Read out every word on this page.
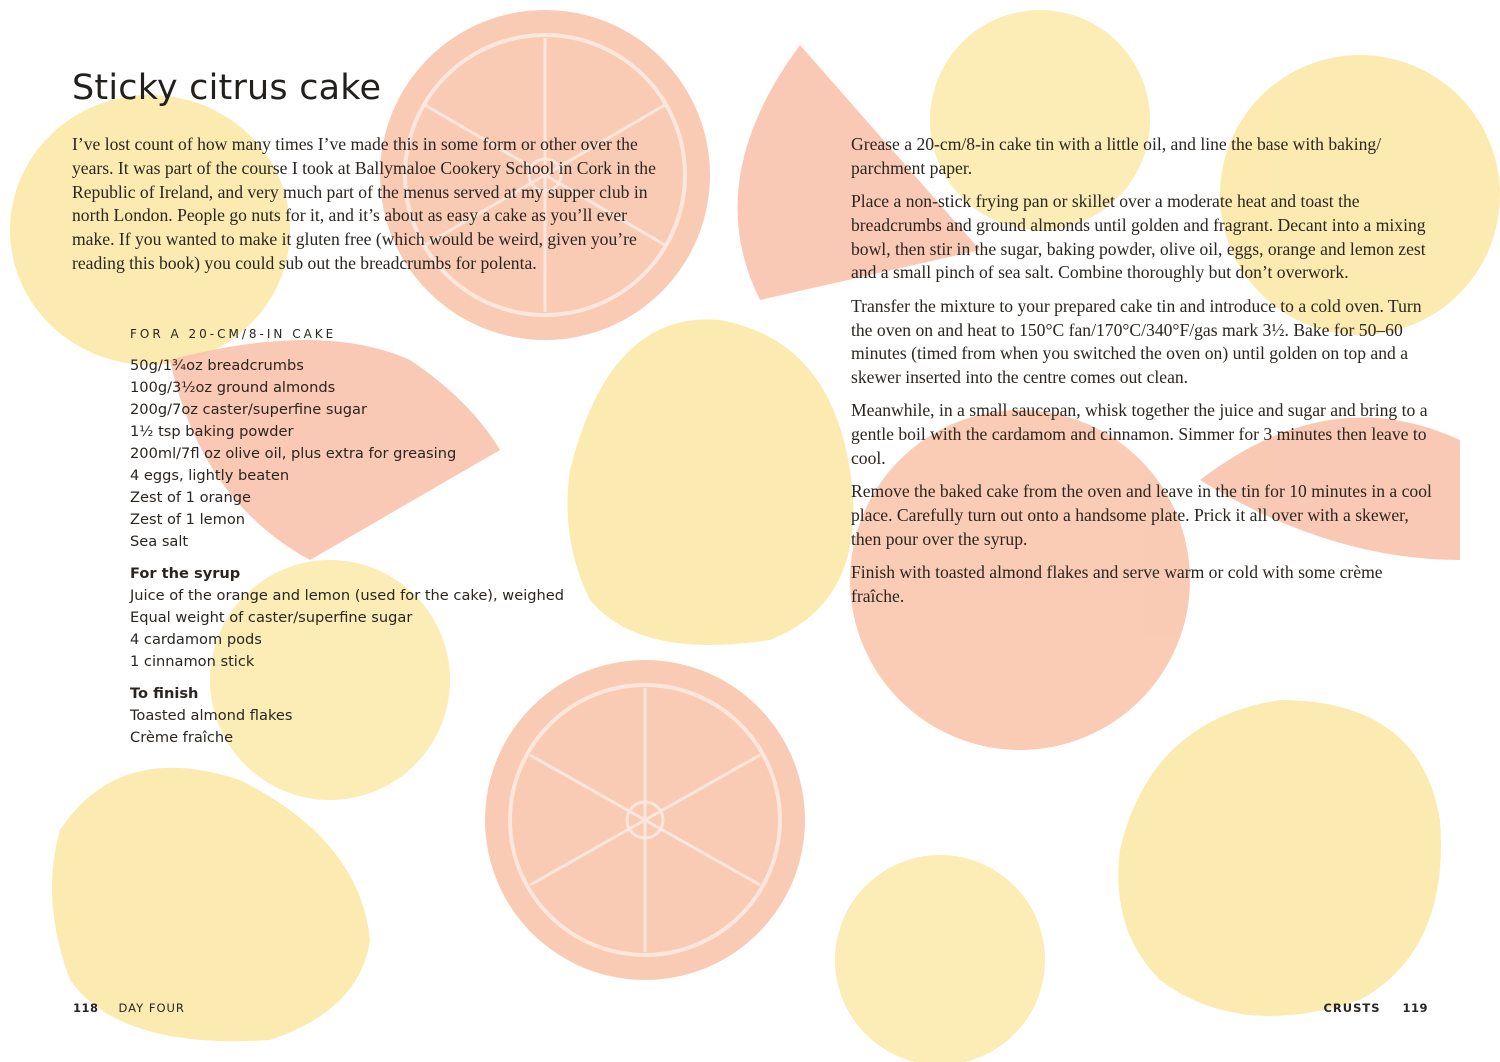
Sticky citrus cake

I’ve lost count of how many times I’ve made this in some form or other over the years. It was part of the course I took at Ballymaloe Cookery School in Cork in the Republic of Ireland, and very much part of the menus served at my supper club in north London. People go nuts for it, and it’s about as easy a cake as you’ll ever make. If you wanted to make it gluten free (which would be weird, given you’re reading this book) you could sub out the breadcrumbs for polenta.

FOR A 20-CM/8-IN CAKE
50g/1¾oz breadcrumbs
100g/3½oz ground almonds
200g/7oz caster/superfine sugar
1½ tsp baking powder
200ml/7fl oz olive oil, plus extra for greasing
4 eggs, lightly beaten
Zest of 1 orange
Zest of 1 lemon
Sea salt
For the syrup
Juice of the orange and lemon (used for the cake), weighed
Equal weight of caster/superfine sugar
4 cardamom pods
1 cinnamon stick
To finish
Toasted almond flakes
Crème fraîche

Grease a 20-cm/8-in cake tin with a little oil, and line the base with baking/ parchment paper.

Place a non-stick frying pan or skillet over a moderate heat and toast the breadcrumbs and ground almonds until golden and fragrant. Decant into a mixing bowl, then stir in the sugar, baking powder, olive oil, eggs, orange and lemon zest and a small pinch of sea salt. Combine thoroughly but don’t overwork.

Transfer the mixture to your prepared cake tin and introduce to a cold oven. Turn the oven on and heat to 150°C fan/170°C/340°F/gas mark 3½. Bake for 50–60 minutes (timed from when you switched the oven on) until golden on top and a skewer inserted into the centre comes out clean.

Meanwhile, in a small saucepan, whisk together the juice and sugar and bring to a gentle boil with the cardamom and cinnamon. Simmer for 3 minutes then leave to cool.

Remove the baked cake from the oven and leave in the tin for 10 minutes in a cool place. Carefully turn out onto a handsome plate. Prick it all over with a skewer, then pour over the syrup.

Finish with toasted almond flakes and serve warm or cold with some crème fraîche.

118 DAY FOUR	CRUSTS 119
